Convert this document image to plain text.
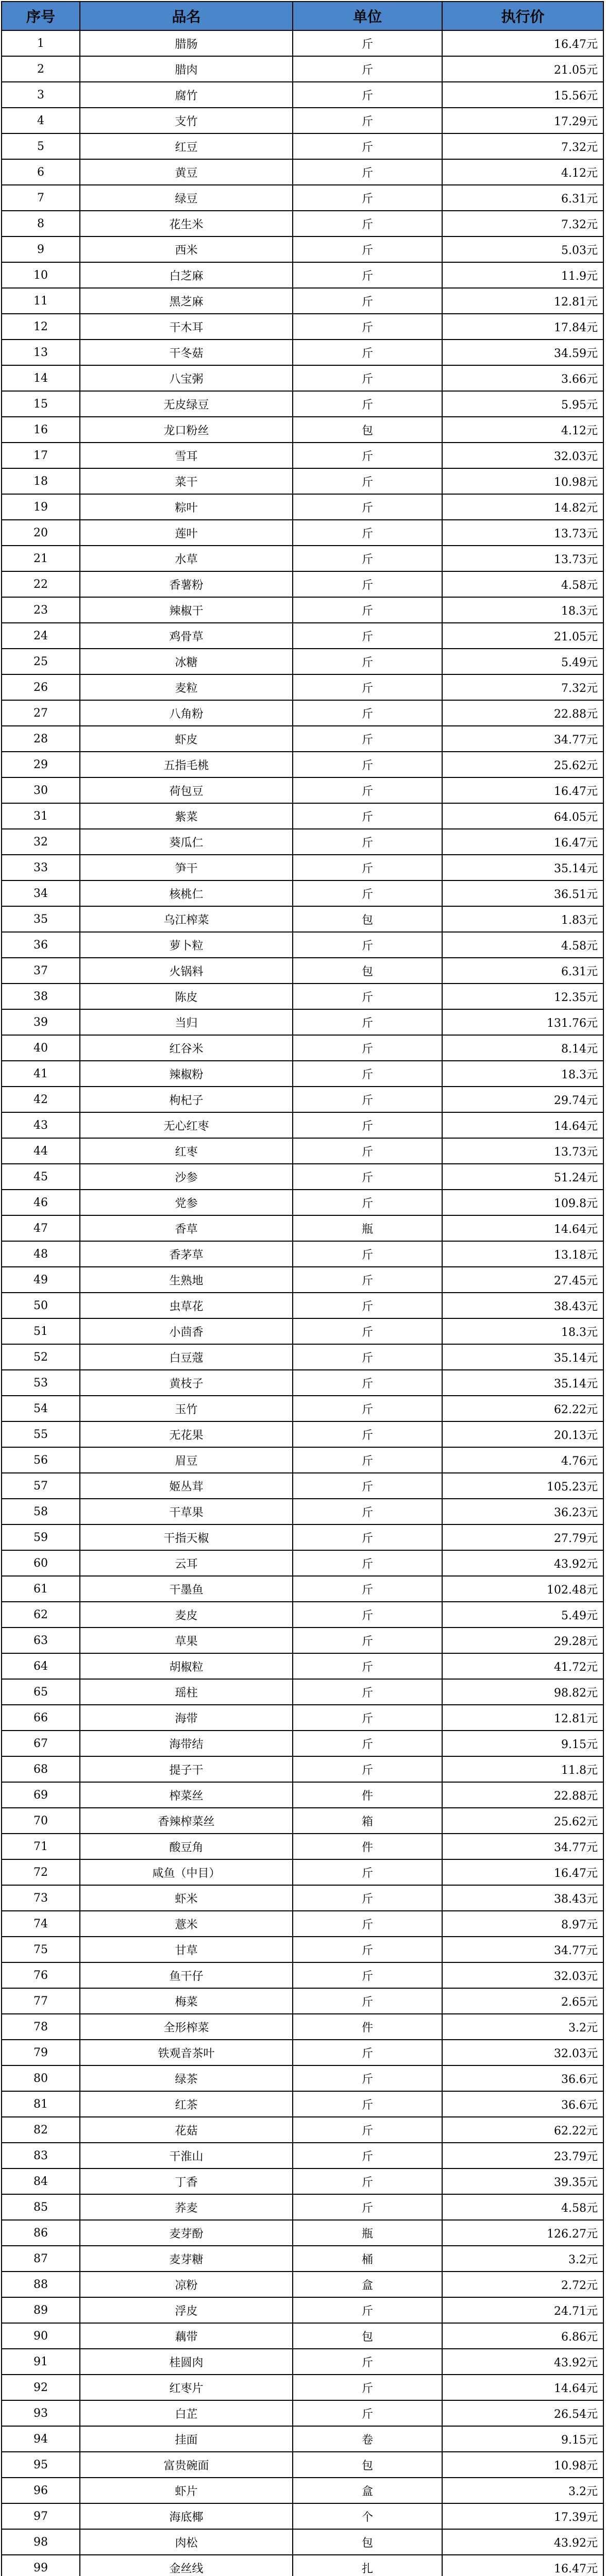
序号	品名	单位	执行价
1	腊肠	斤	16.47元
2	腊肉	斤	21.05元
3	腐竹	斤	15.56元
4	支竹	斤	17.29元
5	红豆	斤	7.32元
6	黄豆	斤	4.12元
7	绿豆	斤	6.31元
8	花生米	斤	7.32元
9	西米	斤	5.03元
10	白芝麻	斤	11.9元
11	黑芝麻	斤	12.81元
12	干木耳	斤	17.84元
13	干冬菇	斤	34.59元
14	八宝粥	斤	3.66元
15	无皮绿豆	斤	5.95元
16	龙口粉丝	包	4.12元
17	雪耳	斤	32.03元
18	菜干	斤	10.98元
19	粽叶	斤	14.82元
20	莲叶	斤	13.73元
21	水草	斤	13.73元
22	香薯粉	斤	4.58元
23	辣椒干	斤	18.3元
24	鸡骨草	斤	21.05元
25	冰糖	斤	5.49元
26	麦粒	斤	7.32元
27	八角粉	斤	22.88元
28	虾皮	斤	34.77元
29	五指毛桃	斤	25.62元
30	荷包豆	斤	16.47元
31	紫菜	斤	64.05元
32	葵瓜仁	斤	16.47元
33	笋干	斤	35.14元
34	核桃仁	斤	36.51元
35	乌江榨菜	包	1.83元
36	萝卜粒	斤	4.58元
37	火锅料	包	6.31元
38	陈皮	斤	12.35元
39	当归	斤	131.76元
40	红谷米	斤	8.14元
41	辣椒粉	斤	18.3元
42	枸杞子	斤	29.74元
43	无心红枣	斤	14.64元
44	红枣	斤	13.73元
45	沙参	斤	51.24元
46	党参	斤	109.8元
47	香草	瓶	14.64元
48	香茅草	斤	13.18元
49	生熟地	斤	27.45元
50	虫草花	斤	38.43元
51	小茴香	斤	18.3元
52	白豆蔻	斤	35.14元
53	黄枝子	斤	35.14元
54	玉竹	斤	62.22元
55	无花果	斤	20.13元
56	眉豆	斤	4.76元
57	姬丛茸	斤	105.23元
58	干草果	斤	36.23元
59	干指天椒	斤	27.79元
60	云耳	斤	43.92元
61	干墨鱼	斤	102.48元
62	麦皮	斤	5.49元
63	草果	斤	29.28元
64	胡椒粒	斤	41.72元
65	瑶柱	斤	98.82元
66	海带	斤	12.81元
67	海带结	斤	9.15元
68	提子干	斤	11.8元
69	榨菜丝	件	22.88元
70	香辣榨菜丝	箱	25.62元
71	酸豆角	件	34.77元
72	咸鱼（中目）	斤	16.47元
73	虾米	斤	38.43元
74	薏米	斤	8.97元
75	甘草	斤	34.77元
76	鱼干仔	斤	32.03元
77	梅菜	斤	2.65元
78	全形榨菜	件	3.2元
79	铁观音茶叶	斤	32.03元
80	绿茶	斤	36.6元
81	红茶	斤	36.6元
82	花菇	斤	62.22元
83	干淮山	斤	23.79元
84	丁香	斤	39.35元
85	荞麦	斤	4.58元
86	麦芽酚	瓶	126.27元
87	麦芽糖	桶	3.2元
88	凉粉	盒	2.72元
89	浮皮	斤	24.71元
90	藕带	包	6.86元
91	桂圆肉	斤	43.92元
92	红枣片	斤	14.64元
93	白芷	斤	26.54元
94	挂面	卷	9.15元
95	富贵碗面	包	10.98元
96	虾片	盒	3.2元
97	海底椰	个	17.39元
98	肉松	包	43.92元
99	金丝线	扎	16.47元
